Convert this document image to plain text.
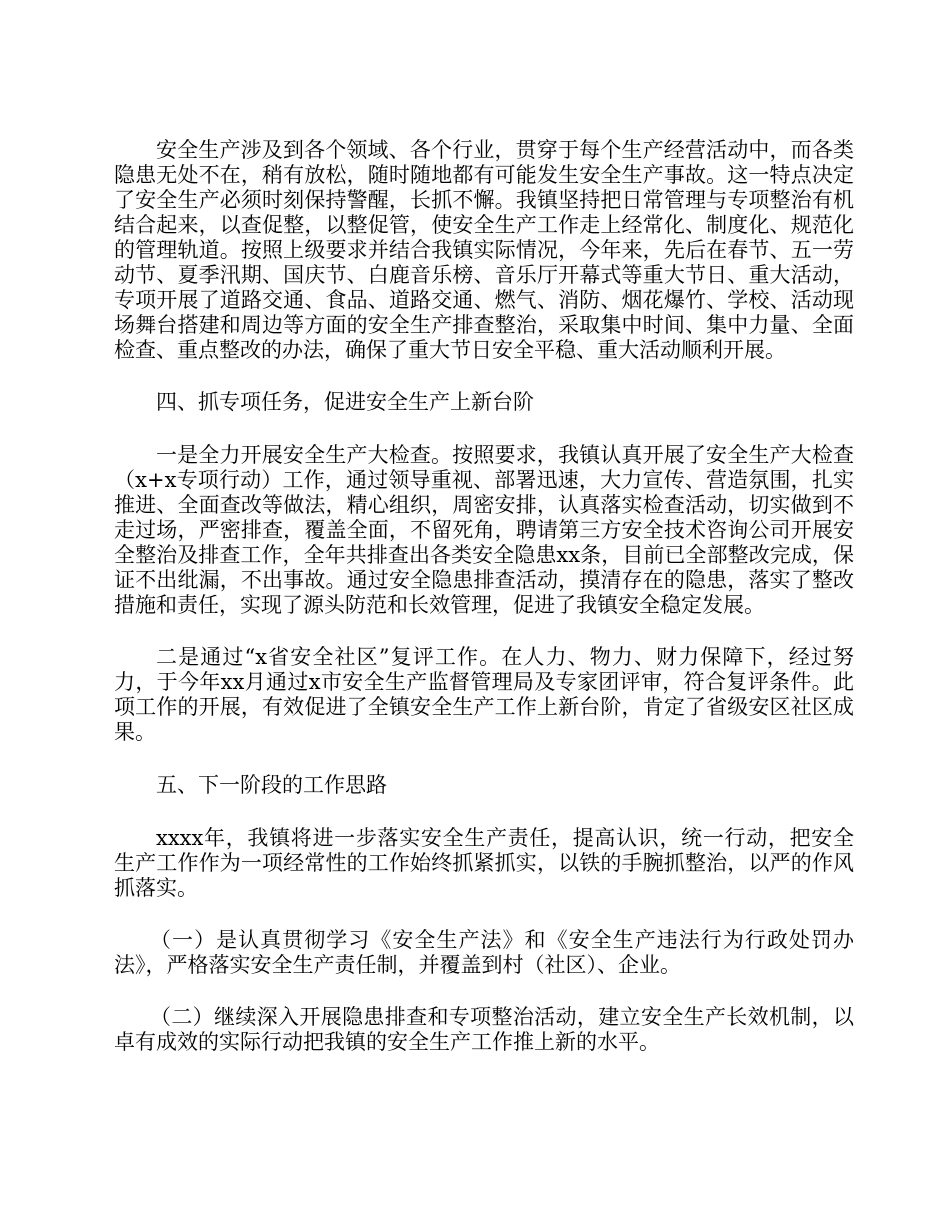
安全生产涉及到各个领域、各个行业，贯穿于每个生产经营活动中，而各类隐患无处不在，稍有放松，随时随地都有可能发生安全生产事故。这一特点决定了安全生产必须时刻保持警醒，长抓不懈。我镇坚持把日常管理与专项整治有机结合起来，以查促整，以整促管，使安全生产工作走上经常化、制度化、规范化的管理轨道。按照上级要求并结合我镇实际情况，今年来，先后在春节、五一劳动节、夏季汛期、国庆节、白鹿音乐榜、音乐厅开幕式等重大节日、重大活动，专项开展了道路交通、食品、道路交通、燃气、消防、烟花爆竹、学校、活动现场舞台搭建和周边等方面的安全生产排查整治，采取集中时间、集中力量、全面检查、重点整改的办法，确保了重大节日安全平稳、重大活动顺利开展。

四、抓专项任务，促进安全生产上新台阶

一是全力开展安全生产大检查。按照要求，我镇认真开展了安全生产大检查（x+x专项行动）工作，通过领导重视、部署迅速，大力宣传、营造氛围，扎实推进、全面查改等做法，精心组织，周密安排，认真落实检查活动，切实做到不走过场，严密排查，覆盖全面，不留死角，聘请第三方安全技术咨询公司开展安全整治及排查工作，全年共排查出各类安全隐患xx条，目前已全部整改完成，保证不出纰漏，不出事故。通过安全隐患排查活动，摸清存在的隐患，落实了整改措施和责任，实现了源头防范和长效管理，促进了我镇安全稳定发展。

二是通过“x省安全社区”复评工作。在人力、物力、财力保障下，经过努力，于今年xx月通过x市安全生产监督管理局及专家团评审，符合复评条件。此项工作的开展，有效促进了全镇安全生产工作上新台阶，肯定了省级安区社区成果。

五、下一阶段的工作思路

xxxx年，我镇将进一步落实安全生产责任，提高认识，统一行动，把安全生产工作作为一项经常性的工作始终抓紧抓实，以铁的手腕抓整治，以严的作风抓落实。

（一）是认真贯彻学习《安全生产法》和《安全生产违法行为行政处罚办法》，严格落实安全生产责任制，并覆盖到村（社区）、企业。

（二）继续深入开展隐患排查和专项整治活动，建立安全生产长效机制，以卓有成效的实际行动把我镇的安全生产工作推上新的水平。
